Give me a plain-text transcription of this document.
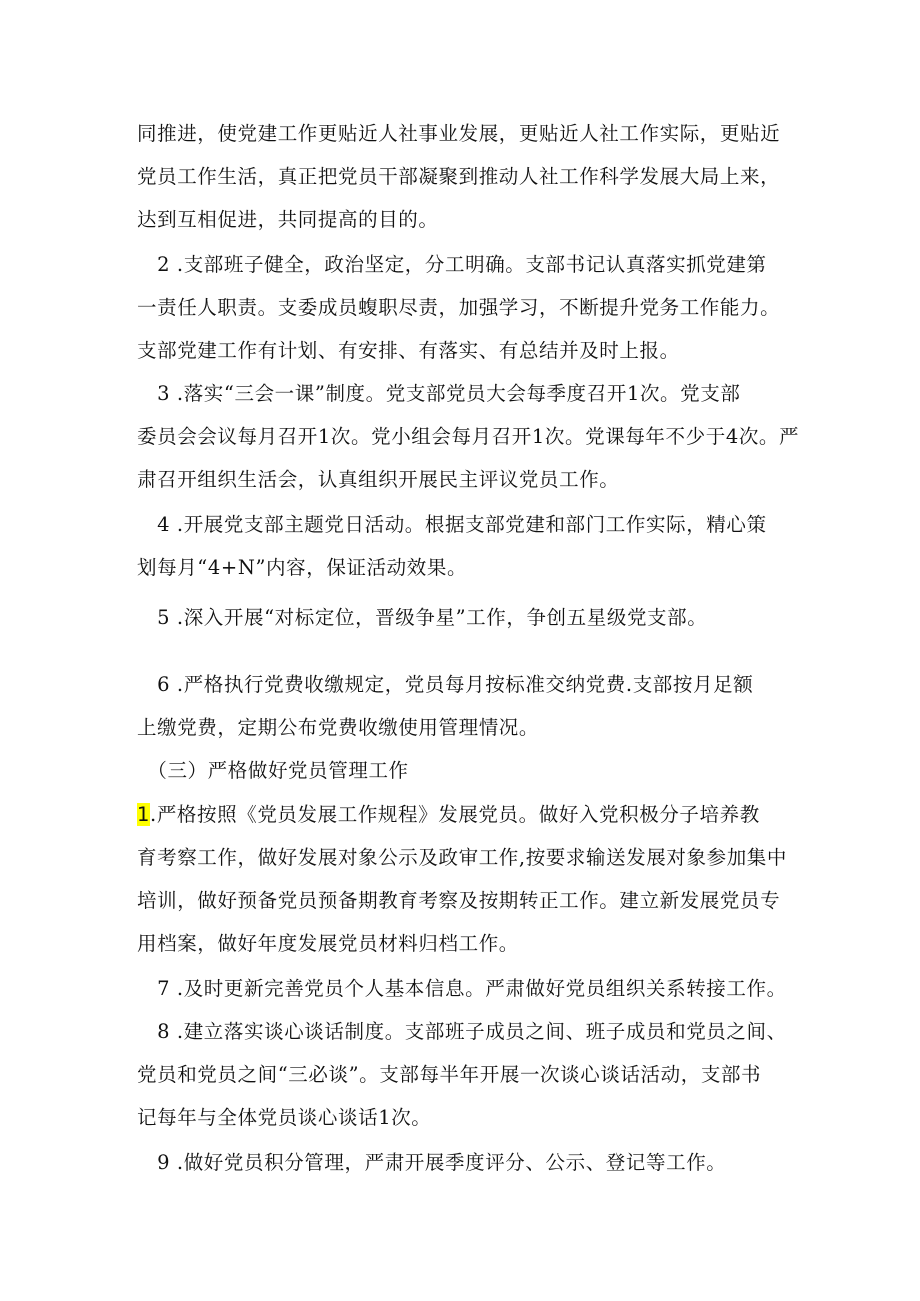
同推进，使党建工作更贴近人社事业发展，更贴近人社工作实际，更贴近
党员工作生活，真正把党员干部凝聚到推动人社工作科学发展大局上来，
达到互相促进，共同提高的目的。
　2 .支部班子健全，政治坚定，分工明确。支部书记认真落实抓党建第
一责任人职责。支委成员蝮职尽责，加强学习，不断提升党务工作能力。
支部党建工作有计划、有安排、有落实、有总结并及时上报。
　3 .落实“三会一课”制度。党支部党员大会每季度召开1次。党支部
委员会会议每月召开1次。党小组会每月召开1次。党课每年不少于4次。严
肃召开组织生活会，认真组织开展民主评议党员工作。
　4 .开展党支部主题党日活动。根据支部党建和部门工作实际，精心策
划每月“4+N”内容，保证活动效果。
　5 .深入开展“对标定位，晋级争星”工作，争创五星级党支部。
　6 .严格执行党费收缴规定，党员每月按标准交纳党费.支部按月足额
上缴党费，定期公布党费收缴使用管理情况。
　（三）严格做好党员管理工作
1.严格按照《党员发展工作规程》发展党员。做好入党积极分子培养教
育考察工作，做好发展对象公示及政审工作,按要求输送发展对象参加集中
培训，做好预备党员预备期教育考察及按期转正工作。建立新发展党员专
用档案，做好年度发展党员材料归档工作。
　7 .及时更新完善党员个人基本信息。严肃做好党员组织关系转接工作。
　8 .建立落实谈心谈话制度。支部班子成员之间、班子成员和党员之间、
党员和党员之间“三必谈”。支部每半年开展一次谈心谈话活动，支部书
记每年与全体党员谈心谈话1次。
　9 .做好党员积分管理，严肃开展季度评分、公示、登记等工作。
